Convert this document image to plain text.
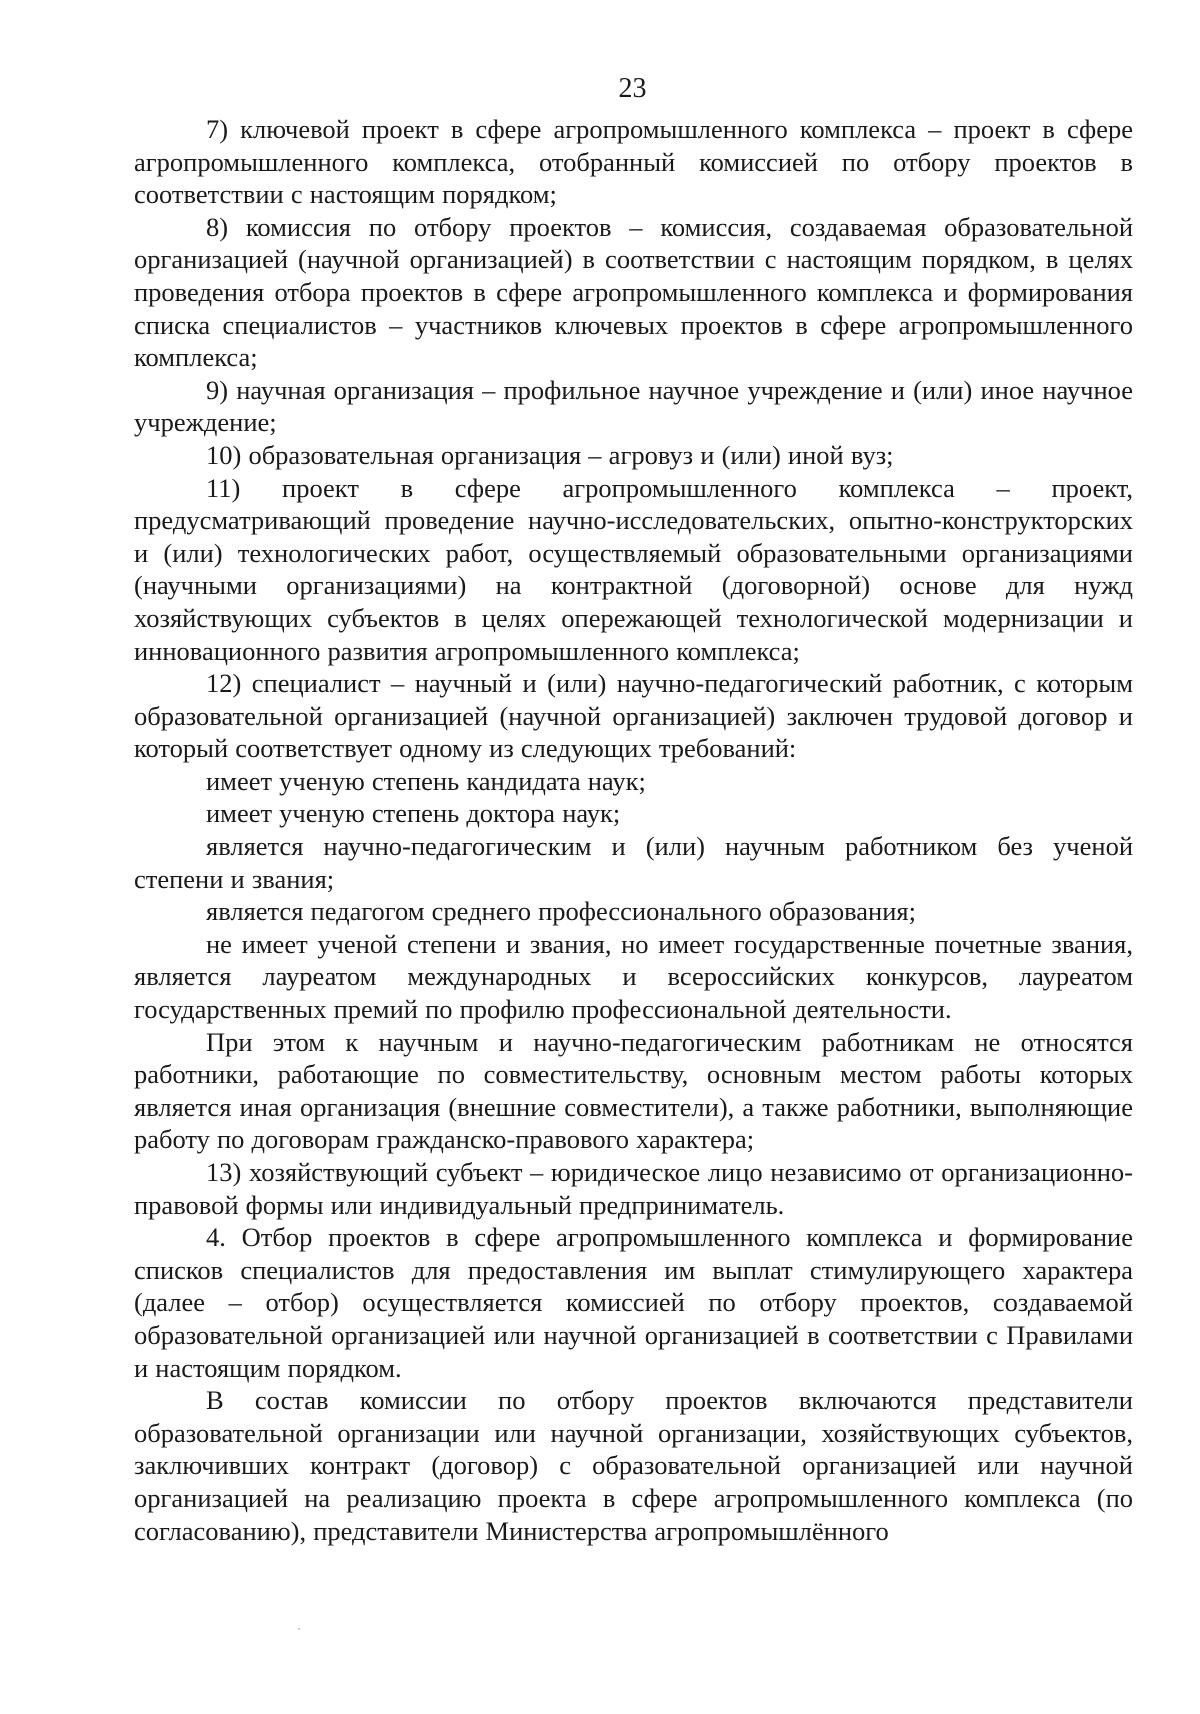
23

7) ключевой проект в сфере агропромышленного комплекса – проект в сфере агропромышленного комплекса, отобранный комиссией по отбору проектов в соответствии с настоящим порядком;

8) комиссия по отбору проектов – комиссия, создаваемая образовательной организацией (научной организацией) в соответствии с настоящим порядком, в целях проведения отбора проектов в сфере агропромышленного комплекса и формирования списка специалистов – участников ключевых проектов в сфере агропромышленного комплекса;

9) научная организация – профильное научное учреждение и (или) иное научное учреждение;

10) образовательная организация – агровуз и (или) иной вуз;

11) проект в сфере агропромышленного комплекса – проект, предусматривающий проведение научно-исследовательских, опытно-конструкторских и (или) технологических работ, осуществляемый образовательными организациями (научными организациями) на контрактной (договорной) основе для нужд хозяйствующих субъектов в целях опережающей технологической модернизации и инновационного развития агропромышленного комплекса;

12) специалист – научный и (или) научно-педагогический работник, с которым образовательной организацией (научной организацией) заключен трудовой договор и который соответствует одному из следующих требований:

имеет ученую степень кандидата наук;

имеет ученую степень доктора наук;

является научно-педагогическим и (или) научным работником без ученой степени и звания;

является педагогом среднего профессионального образования;

не имеет ученой степени и звания, но имеет государственные почетные звания, является лауреатом международных и всероссийских конкурсов, лауреатом государственных премий по профилю профессиональной деятельности.

При этом к научным и научно-педагогическим работникам не относятся работники, работающие по совместительству, основным местом работы которых является иная организация (внешние совместители), а также работники, выполняющие работу по договорам гражданско-правового характера;

13) хозяйствующий субъект – юридическое лицо независимо от организационно-правовой формы или индивидуальный предприниматель.

4. Отбор проектов в сфере агропромышленного комплекса и формирование списков специалистов для предоставления им выплат стимулирующего характера (далее – отбор) осуществляется комиссией по отбору проектов, создаваемой образовательной организацией или научной организацией в соответствии с Правилами и настоящим порядком.

В состав комиссии по отбору проектов включаются представители образовательной организации или научной организации, хозяйствующих субъектов, заключивших контракт (договор) с образовательной организацией или научной организацией на реализацию проекта в сфере агропромышленного комплекса (по согласованию), представители Министерства агропромышлённого
